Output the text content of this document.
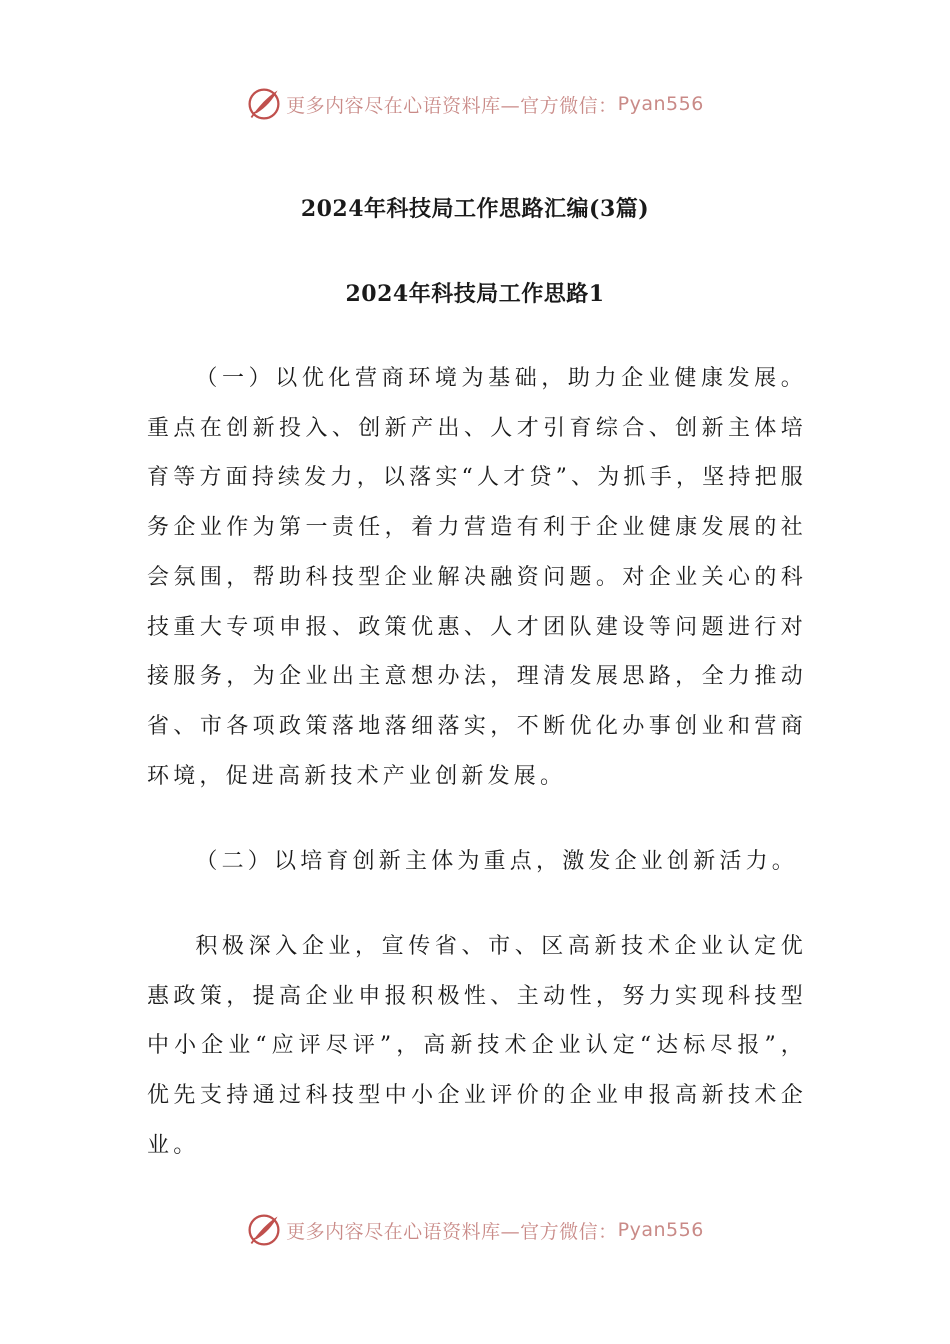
更多内容尽在心语资料库—官方微信： Pyan556
2024年科技局工作思路汇编(3篇)
2024年科技局工作思路1

（一）以优化营商环境为基础，助力企业健康发展。重点在创新投入、创新产出、人才引育综合、创新主体培育等方面持续发力，以落实“人才贷”、为抓手，坚持把服务企业作为第一责任，着力营造有利于企业健康发展的社会氛围，帮助科技型企业解决融资问题。对企业关心的科技重大专项申报、政策优惠、人才团队建设等问题进行对接服务，为企业出主意想办法，理清发展思路，全力推动省、市各项政策落地落细落实，不断优化办事创业和营商环境，促进高新技术产业创新发展。

（二）以培育创新主体为重点，激发企业创新活力。

积极深入企业，宣传省、市、区高新技术企业认定优惠政策，提高企业申报积极性、主动性，努力实现科技型中小企业“应评尽评”，高新技术企业认定“达标尽报”，优先支持通过科技型中小企业评价的企业申报高新技术企业。

更多内容尽在心语资料库—官方微信： Pyan556
